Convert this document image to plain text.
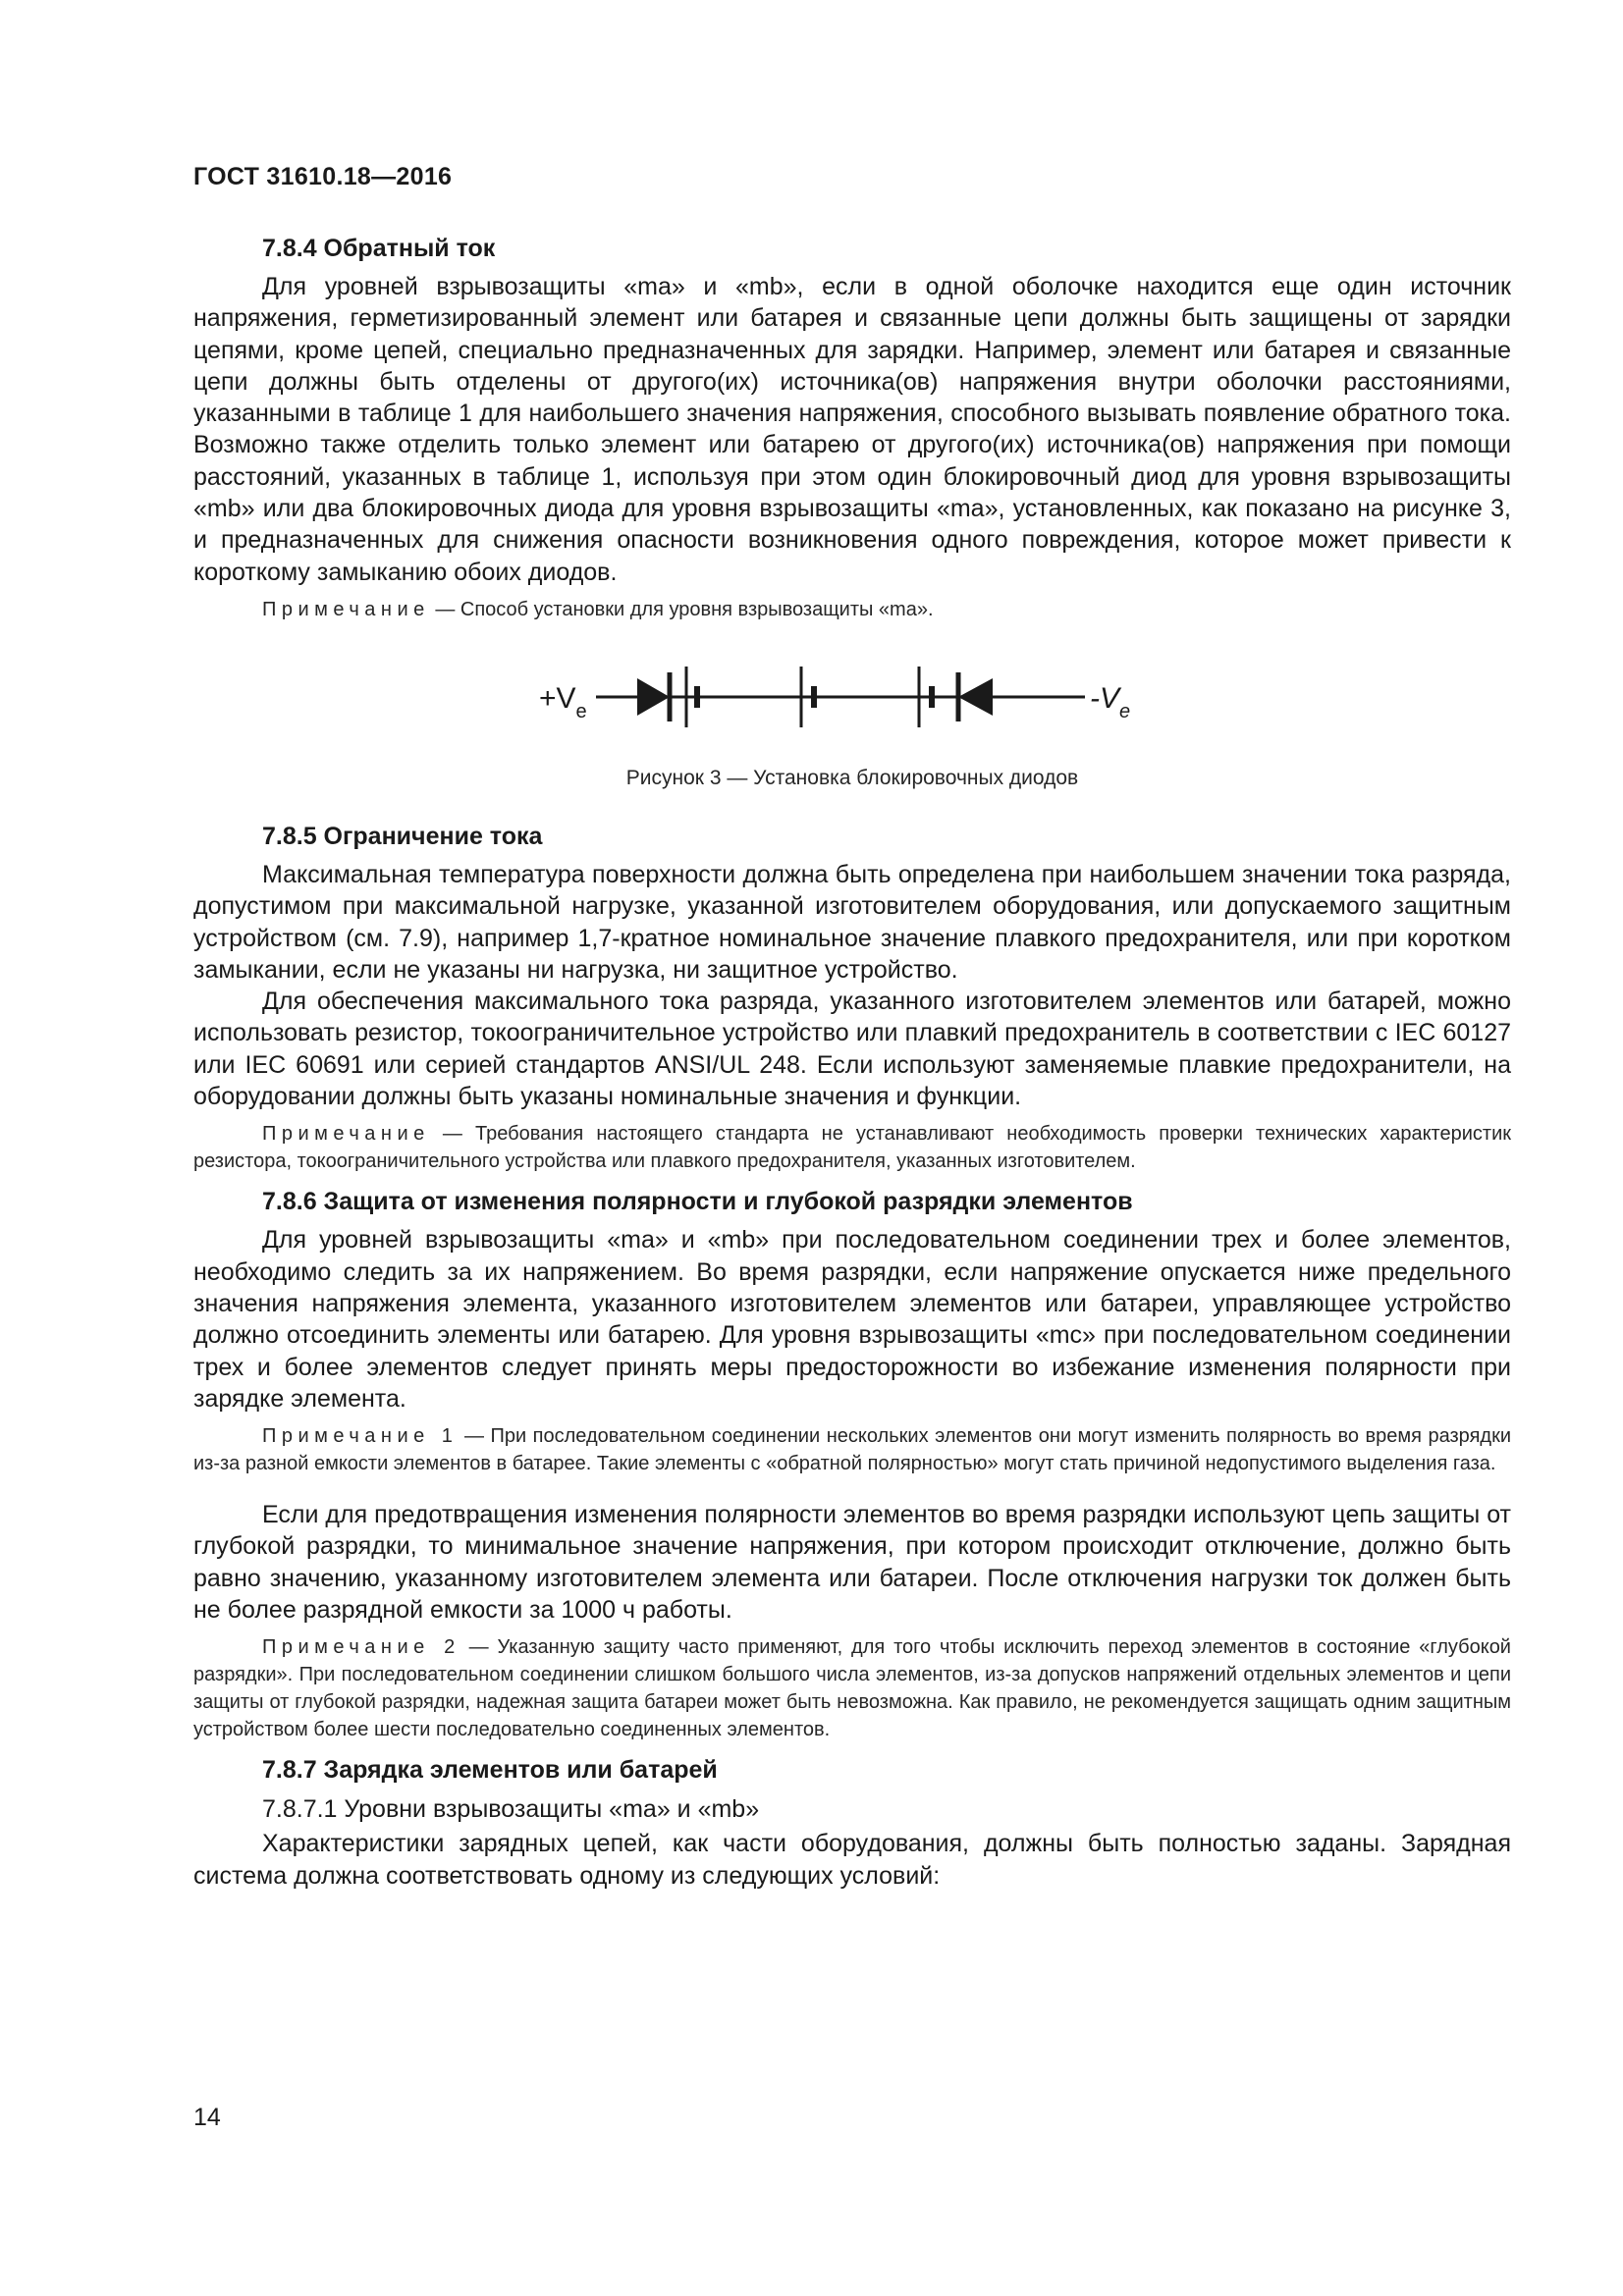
ГОСТ 31610.18—2016
7.8.4 Обратный ток

Для уровней взрывозащиты «ma» и «mb», если в одной оболочке находится еще один источник напряжения, герметизированный элемент или батарея и связанные цепи должны быть защищены от зарядки цепями, кроме цепей, специально предназначенных для зарядки. Например, элемент или батарея и связанные цепи должны быть отделены от другого(их) источника(ов) напряжения внутри оболочки расстояниями, указанными в таблице 1 для наибольшего значения напряжения, способного вызывать появление обратного тока. Возможно также отделить только элемент или батарею от другого(их) источника(ов) напряжения при помощи расстояний, указанных в таблице 1, используя при этом один блокировочный диод для уровня взрывозащиты «mb» или два блокировочных диода для уровня взрывозащиты «ma», установленных, как показано на рисунке 3, и предназначенных для снижения опасности возникновения одного повреждения, которое может привести к короткому замыканию обоих диодов.

Примечание — Способ установки для уровня взрывозащиты «ma».

$+V_e$	$-V_e$
Рисунок 3 — Установка блокировочных диодов
7.8.5 Ограничение тока

Максимальная температура поверхности должна быть определена при наибольшем значении тока разряда, допустимом при максимальной нагрузке, указанной изготовителем оборудования, или допускаемого защитным устройством (см. 7.9), например 1,7-кратное номинальное значение плавкого предохранителя, или при коротком замыкании, если не указаны ни нагрузка, ни защитное устройство.

Для обеспечения максимального тока разряда, указанного изготовителем элементов или батарей, можно использовать резистор, токоограничительное устройство или плавкий предохранитель в соответствии с IEC 60127 или IEC 60691 или серией стандартов ANSI/UL 248. Если используют заменяемые плавкие предохранители, на оборудовании должны быть указаны номинальные значения и функции.

Примечание — Требования настоящего стандарта не устанавливают необходимость проверки технических характеристик резистора, токоограничительного устройства или плавкого предохранителя, указанных изготовителем.

7.8.6 Защита от изменения полярности и глубокой разрядки элементов

Для уровней взрывозащиты «ma» и «mb» при последовательном соединении трех и более элементов, необходимо следить за их напряжением. Во время разрядки, если напряжение опускается ниже предельного значения напряжения элемента, указанного изготовителем элементов или батареи, управляющее устройство должно отсоединить элементы или батарею. Для уровня взрывозащиты «mc» при последовательном соединении трех и более элементов следует принять меры предосторожности во избежание изменения полярности при зарядке элемента.

Примечание 1 — При последовательном соединении нескольких элементов они могут изменить полярность во время разрядки из-за разной емкости элементов в батарее. Такие элементы с «обратной полярностью» могут стать причиной недопустимого выделения газа.

Если для предотвращения изменения полярности элементов во время разрядки используют цепь защиты от глубокой разрядки, то минимальное значение напряжения, при котором происходит отключение, должно быть равно значению, указанному изготовителем элемента или батареи. После отключения нагрузки ток должен быть не более разрядной емкости за 1000 ч работы.

Примечание 2 — Указанную защиту часто применяют, для того чтобы исключить переход элементов в состояние «глубокой разрядки». При последовательном соединении слишком большого числа элементов, из-за допусков напряжений отдельных элементов и цепи защиты от глубокой разрядки, надежная защита батареи может быть невозможна. Как правило, не рекомендуется защищать одним защитным устройством более шести последовательно соединенных элементов.

7.8.7 Зарядка элементов или батарей
7.8.7.1 Уровни взрывозащиты «ma» и «mb»

Характеристики зарядных цепей, как части оборудования, должны быть полностью заданы. Зарядная система должна соответствовать одному из следующих условий:

14
